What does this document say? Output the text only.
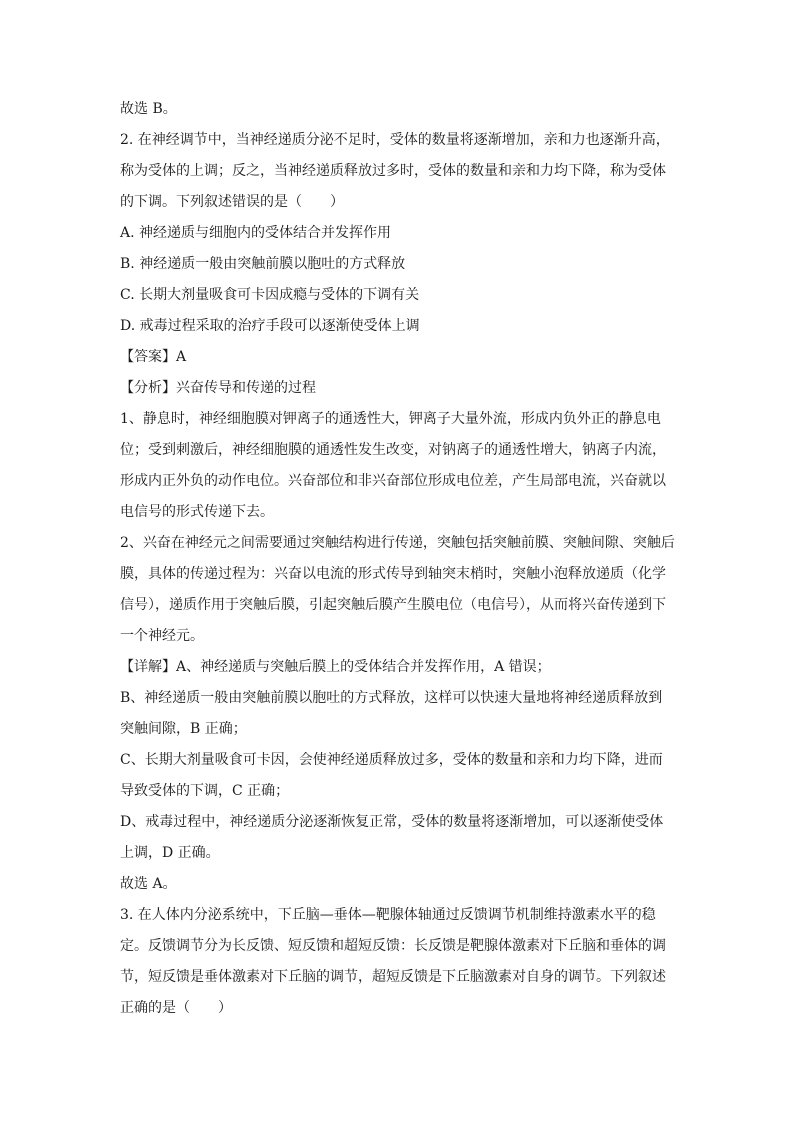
故选 B。
2. 在神经调节中，当神经递质分泌不足时，受体的数量将逐渐增加，亲和力也逐渐升高，
称为受体的上调；反之，当神经递质释放过多时，受体的数量和亲和力均下降，称为受体
的下调。下列叙述错误的是（　　）
A. 神经递质与细胞内的受体结合并发挥作用
B. 神经递质一般由突触前膜以胞吐的方式释放
C. 长期大剂量吸食可卡因成瘾与受体的下调有关
D. 戒毒过程采取的治疗手段可以逐渐使受体上调
【答案】A
【分析】兴奋传导和传递的过程
1、静息时，神经细胞膜对钾离子的通透性大，钾离子大量外流，形成内负外正的静息电
位；受到刺激后，神经细胞膜的通透性发生改变，对钠离子的通透性增大，钠离子内流，
形成内正外负的动作电位。兴奋部位和非兴奋部位形成电位差，产生局部电流，兴奋就以
电信号的形式传递下去。
2、兴奋在神经元之间需要通过突触结构进行传递，突触包括突触前膜、突触间隙、突触后
膜，具体的传递过程为：兴奋以电流的形式传导到轴突末梢时，突触小泡释放递质（化学
信号），递质作用于突触后膜，引起突触后膜产生膜电位（电信号），从而将兴奋传递到下
一个神经元。
【详解】A、神经递质与突触后膜上的受体结合并发挥作用，A 错误；
B、神经递质一般由突触前膜以胞吐的方式释放，这样可以快速大量地将神经递质释放到
突触间隙，B 正确；
C、长期大剂量吸食可卡因，会使神经递质释放过多，受体的数量和亲和力均下降，进而
导致受体的下调，C 正确；
D、戒毒过程中，神经递质分泌逐渐恢复正常，受体的数量将逐渐增加，可以逐渐使受体
上调，D 正确。
故选 A。
3. 在人体内分泌系统中，下丘脑—垂体—靶腺体轴通过反馈调节机制维持激素水平的稳
定。反馈调节分为长反馈、短反馈和超短反馈：长反馈是靶腺体激素对下丘脑和垂体的调
节，短反馈是垂体激素对下丘脑的调节，超短反馈是下丘脑激素对自身的调节。下列叙述
正确的是（　　）
